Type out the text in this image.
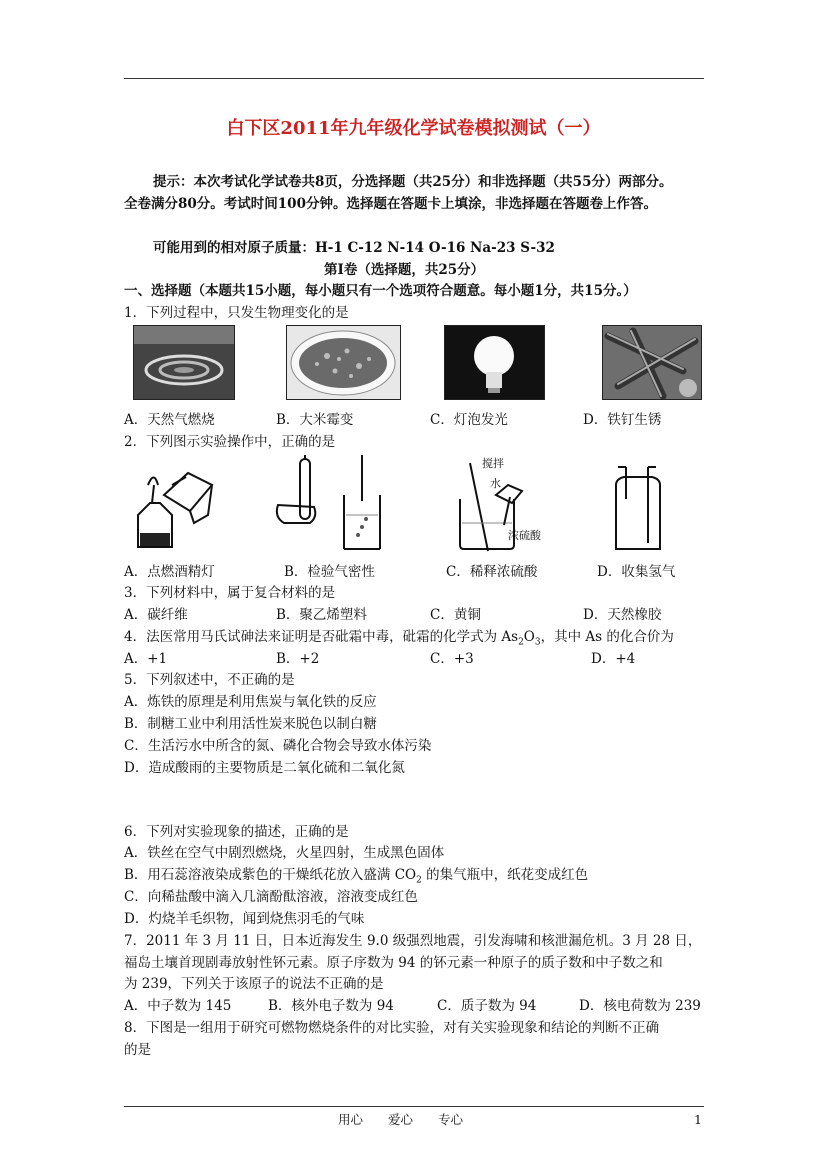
白下区2011年九年级化学试卷模拟测试（一）
提示：本次考试化学试卷共8页，分选择题（共25分）和非选择题（共55分）两部分。
全卷满分80分。考试时间100分钟。选择题在答题卡上填涂，非选择题在答题卷上作答。
可能用到的相对原子质量：H-1 C-12 N-14 O-16 Na-23 S-32
第Ⅰ卷（选择题，共25分）
一、选择题（本题共15小题，每小题只有一个选项符合题意。每小题1分，共15分。）
1．下列过程中，只发生物理变化的是
A．天然气燃烧	B．大米霉变	C．灯泡发光	D．铁钉生锈
2．下列图示实验操作中，正确的是
搅拌
水
浓硫酸
A．点燃酒精灯	B．检验气密性	C．稀释浓硫酸	D．收集氢气
3．下列材料中，属于复合材料的是
A．碳纤维	B．聚乙烯塑料	C．黄铜	D．天然橡胶
4．法医常用马氏试砷法来证明是否砒霜中毒，砒霜的化学式为 $As_2O_3$，其中 As 的化合价为
A．+1	B．+2	C．+3	D．+4
5．下列叙述中，不正确的是
A．炼铁的原理是利用焦炭与氧化铁的反应
B．制糖工业中利用活性炭来脱色以制白糖
C．生活污水中所含的氮、磷化合物会导致水体污染
D．造成酸雨的主要物质是二氧化硫和二氧化氮
6．下列对实验现象的描述，正确的是
A．铁丝在空气中剧烈燃烧，火星四射，生成黑色固体
B．用石蕊溶液染成紫色的干燥纸花放入盛满 $CO_2$ 的集气瓶中，纸花变成红色
C．向稀盐酸中滴入几滴酚酞溶液，溶液变成红色
D．灼烧羊毛织物，闻到烧焦羽毛的气味
7．2011 年 3 月 11 日，日本近海发生 9.0 级强烈地震，引发海啸和核泄漏危机。3 月 28 日，
福岛土壤首现剧毒放射性钚元素。原子序数为 94 的钚元素一种原子的质子数和中子数之和
为 239，下列关于该原子的说法不正确的是
A．中子数为 145	B．核外电子数为 94	C．质子数为 94	D．核电荷数为 239
8．下图是一组用于研究可燃物燃烧条件的对比实验，对有关实验现象和结论的判断不正确
的是
用心　　爱心　　专心	1
